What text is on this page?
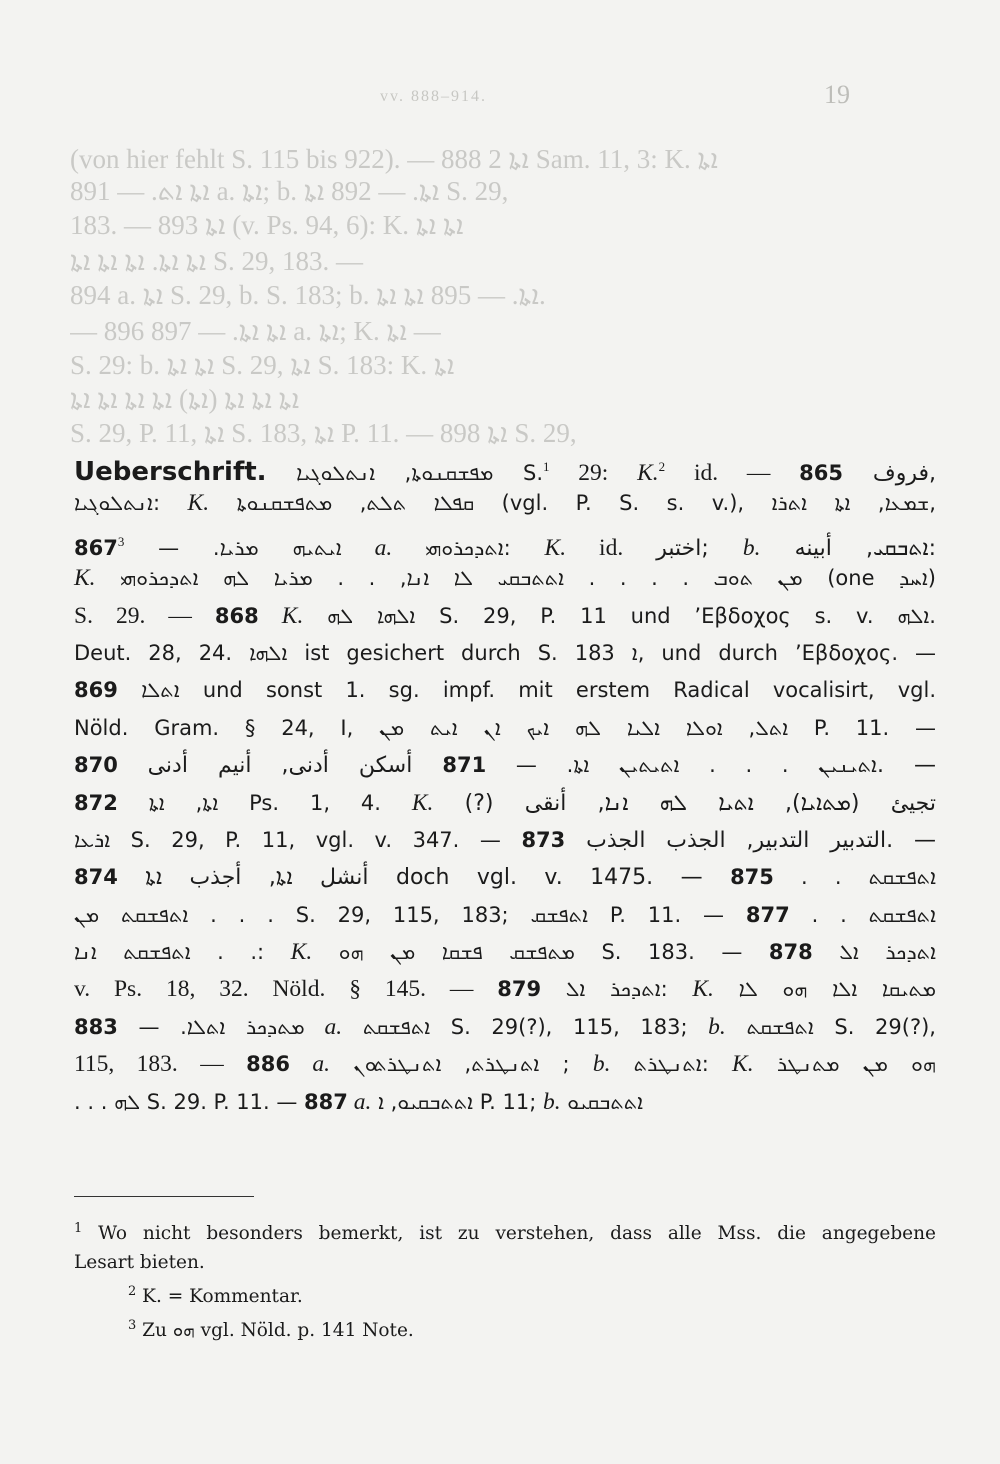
(von hier fehlt S. 115 bis 922). — 888 ܐܬܐ 2 Sam. 11, 3: K. ܐܬܐ
ܐܬܐ ܐܬ. — 891 a. ܐܬܐ; b. ܐܬܐ. — 892 ܐܬܐ S. 29,
183. — 893 ܐܬܐ (v. Ps. 94, 6): K. ܐܬܐ ܐܬܐ
ܐܬܐ ܐܬܐ. ܐܬܐ ܐܬܐ ܐܬܐ S. 29, 183. —
894 a. ܐܬܐ S. 29, b. S. 183; b. ܐܬܐ. — 895 ܐܬܐ ܐܬܐ.
— 896 ܐܬܐ ܐܬܐ. — 897 a. ܐܬܐ; K. ܐܬܐ —
S. 29: b. ܐܬܐ ܐܬܐ S. 29, ܐܬܐ S. 183: K. ܐܬܐ
ܐܬܐ ܐܬܐ ܐܬܐ (ܐܬܐ) ܐܬܐ ܐܬܐ ܐܬܐ ܐܬܐ
S. 29, P. 11, ܐܬܐ S. 183, ܐܬܐ P. 11. — 898 ܐܬܐ S. 29,
vv. 888–914.	19
Ueberschrift. ܡܦܫܩܢܘܬܐ, ܐܢܬܠܘܓܝܐ S.$^1$ 29: K.$^2$ id. — 865 ﻓﺮﻭﻑ,
ܐܢܬܠܘܓܝܐ: K. ܩܦܠܐ ܬܠܬ, ܡܬܦܫܩܢܘܬܐ (vgl. P. S. s. v.), ܫܡܥܐ, ܐܬܐ ܐܬܪܐ,
ܐܝܬܝܗ ܡܪܝܐ. — $867^3$	a. ܐܬܕܟܪܘܗܝ: K. id. ﺍﺧﺘﺒﺮ; b. ܐܬܒܩܝ, ﺃﺑﻴﻨﻪ:
K. ܡܢ ܬܘܒ . . . . ܐܬܬܒܩܝ ܠܐ ܐܢܐ, . . ܡܪܝܐ ܠܗ ܐܬܕܟܪܘܗܝ (one ܐܚܕ)
S. 29. — 868 K. ܐܠܗܐ ܠܗ S. 29, P. 11 und ’Εβδοχος s. v. ܐܠܗ.
Deut. 28, 24. ܐܠܗܐ ist gesichert durch S. 183 ܐ, und durch ’Εβδοχος. —
869 ܐܬܠܐ und sonst 1. sg. impf. mit erstem Radical vocalisirt, vgl.
Nöld. Gram. § 24, I, ܐܬܠ, ܐܘܠܐ ܐܠܝܐ ܠܗ ܐܝܟ ܐܢ ܐܝܬ ܡܢ P. 11. —
870 ܐܬܝܢܝܢ . . . ܐܬܝܬܝܢ ܐܬܐ. — 871 ﺃﺳﻜﻦ ﺃﺩﻧﻰ, ﺃﻧﻴﻢ ﺃﺩﻧﻰ. —
872 ܐܬܐ, ܐܬܐ Ps. 1, 4. K. (?) ﺗﺠﻴﺊ (ܡܬܐܝܐ), ܐܬܝܐ ܠܗ ܐܢܐ, ﺃﻧﻘﻰ
ܐܪܥܐ S. 29, P. 11, vgl. v. 347. — 873 ﺍﻟﺘﺪﺑﻴﺮ ﺍﻟﺘﺪﺑﻴﺮ, ﺍﻟﺠﺬﺏ ﺍﻟﺠﺬﺏ. —
874 ﺃﻧﺸﻞ ܐܬܐ, ﺃﺟﺬﺏ ܐܬܐ doch vgl. v. 1475. — 875 . . ܐܬܦܫܩܬ
ܐܬܦܫܩܬ ܡܢ . . . S. 29, 115, 183; ܐܬܦܫܩ P. 11. — 877 . . ܐܬܦܫܩܬ
ܐܬܦܫܩܬ ܐܢܐ . .: K. ܡܬܦܫܩ ܦܫܩܐ ܡܢ ܗܘ S. 183. — 878 ܐܬܕܟܪ ܐܠ
v. Ps. 18, 32. Nöld. § 145. — 879 ܐܬܕܟܪ ܐܠ: K. ܡܬܝܩܐ ܐܠܐ ܗܘ ܠܐ
ܡܬܕܟܪ ܐܬܠܐ. — 883	a. ܐܬܦܫܩܬ S. 29(?), 115, 183; b. ܐܬܦܫܩܬ S. 29(?),
115, 183. — 886 a. ܐܬܢܛܪܬ, ܐܬܢܛܪܬܘܢ ; b. ܐܬܢܛܪܬ: K. ܗܘ ܡܢ ܡܬܢܛܪ
. . . ܠܗ S. 29. P. 11. — 887 a. ܐܬܬܒܩܝܘ, ܐ P. 11; b. ܐܬܬܒܩܝܘ
$^1$ Wo nicht besonders bemerkt, ist zu verstehen, dass alle Mss. die angegebene
Lesart bieten.
$^2$ K. = Kommentar.
$^3$ Zu ܗܘ vgl. Nöld. p. 141 Note.
